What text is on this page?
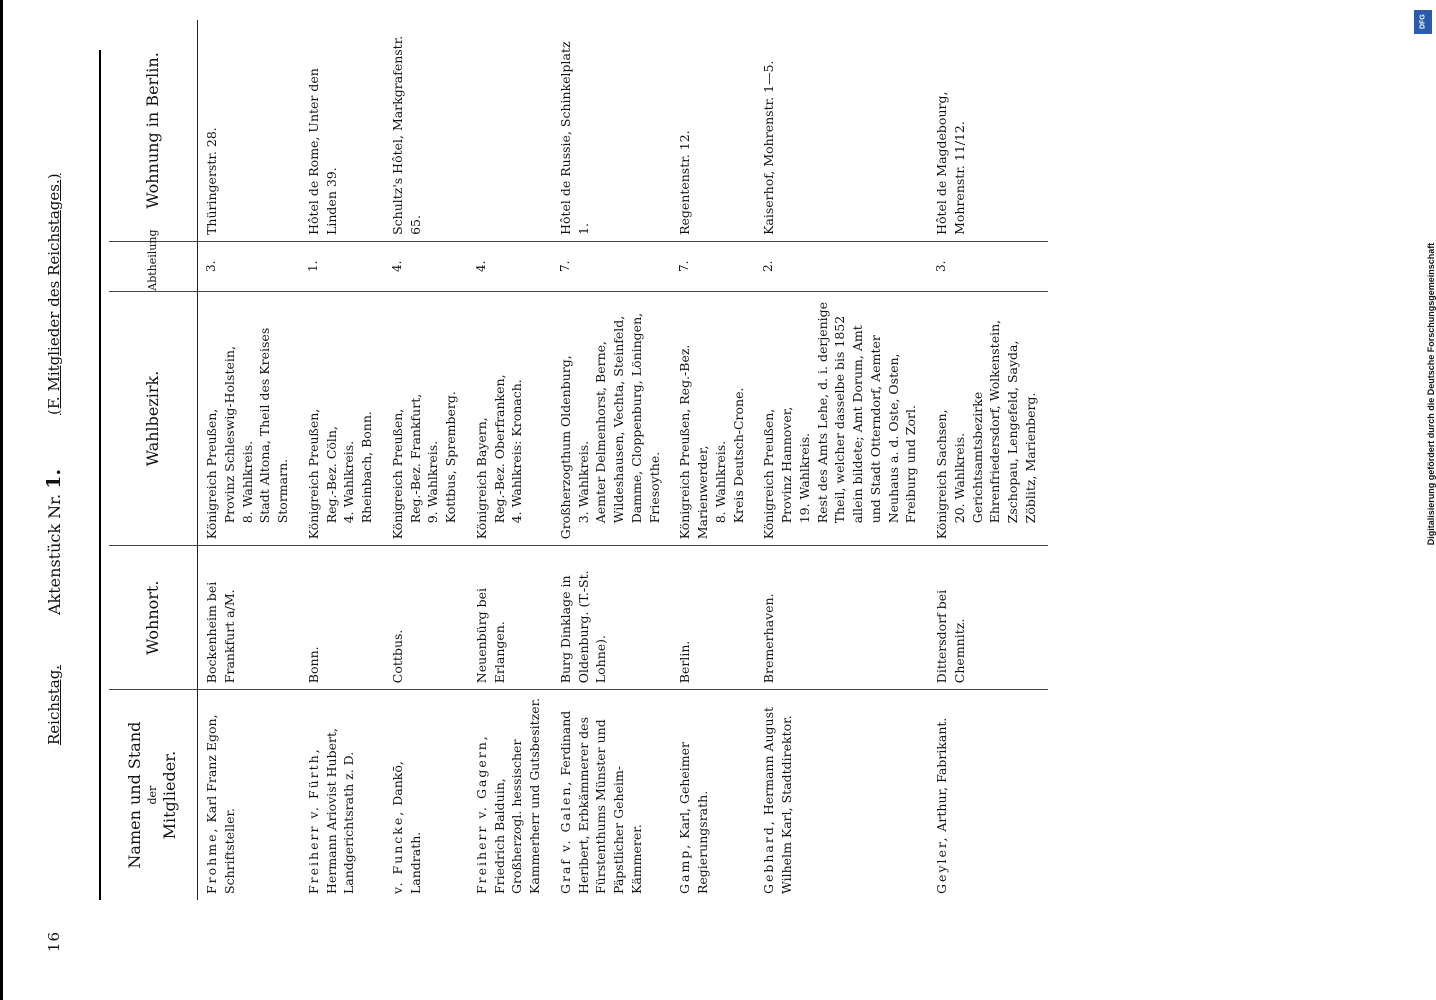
16
Reichstag.
Aktenstück Nr. 1.
(F. Mitglieder des Reichstages.)
Namen und Stand der Mitglieder.	Wohnort.	Wahlbezirk.	Abtheilung	Wohnung in Berlin.
Frohme, Karl Franz Egon, Schriftsteller.	Bockenheim bei Frankfurt a/M.	Königreich Preußen, Provinz Schleswig-Holstein, 8. Wahlkreis. Stadt Altona, Theil des Kreises Stormarn.	3.	Thüringerstr. 28.
Freiherr v. Fürth, Hermann Ariovist Hubert, Landgerichtsrath z. D.	Bonn.	Königreich Preußen, Reg.-Bez. Cöln, 4. Wahlkreis. Rheinbach, Bonn.	1.	Hôtel de Rome, Unter den Linden 39.
v. Funcke, Dankō, Landrath.	Cottbus.	Königreich Preußen, Reg.-Bez. Frankfurt, 9. Wahlkreis. Kottbus, Spremberg.	4.	Schultz's Hôtel, Markgrafenstr. 65.
Freiherr v. Gagern, Friedrich Balduin, Großherzogl. hessischer Kammerherr und Gutsbesitzer.	Neuenbürg bei Erlangen.	Königreich Bayern, Reg.-Bez. Oberfranken, 4. Wahlkreis: Kronach.	4.	
Graf v. Galen, Ferdinand Heribert, Erbkämmerer des Fürstenthums Münster und Päpstlicher Geheim-Kämmerer.	Burg Dinklage in Oldenburg. (T.-St. Lohne).	Großherzogthum Oldenburg, 3. Wahlkreis. Aemter Delmenhorst, Berne, Wildeshausen, Vechta, Steinfeld, Damme, Cloppenburg, Löningen, Friesoythe.	7.	Hôtel de Russie, Schinkelplatz 1.
Gamp, Karl, Geheimer Regierungsrath.	Berlin.	Königreich Preußen, Reg.-Bez. Marienwerder, 8. Wahlkreis. Kreis Deutsch-Crone.	7.	Regentenstr. 12.
Gebhard, Hermann August Wilhelm Karl, Stadtdirektor.	Bremerhaven.	Königreich Preußen, Provinz Hannover, 19. Wahlkreis. Rest des Amts Lehe, d. i. derjenige Theil, welcher dasselbe bis 1852 allein bildete; Amt Dorum, Amt und Stadt Otterndorf, Aemter Neuhaus a. d. Oste, Osten, Freiburg und Zorl.	2.	Kaiserhof, Mohrenstr. 1—5.
Geyler, Arthur, Fabrikant.	Dittersdorf bei Chemnitz.	Königreich Sachsen, 20. Wahlkreis. Gerichtsamtsbezirke Ehrenfriedersdorf, Wolkenstein, Zschopau, Lengefeld, Sayda, Zöblitz, Marienberg.	3.	Hôtel de Magdebourg, Mohrenstr. 11/12.
DFG
Digitalisierung gefördert durch die Deutsche Forschungsgemeinschaft
